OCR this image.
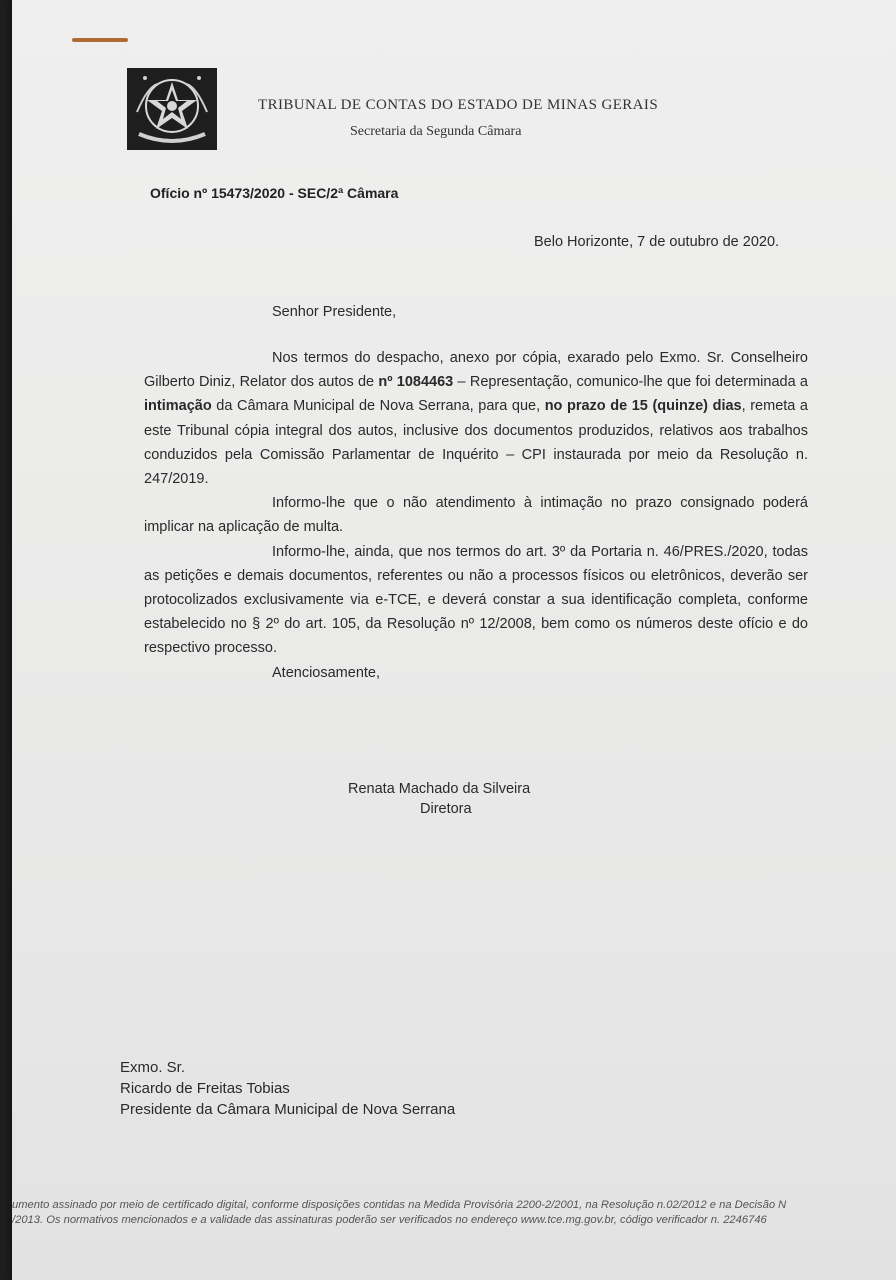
TRIBUNAL DE CONTAS DO ESTADO DE MINAS GERAIS
Secretaria da Segunda Câmara
Ofício nº 15473/2020 - SEC/2ª Câmara
Belo Horizonte, 7 de outubro de 2020.
Senhor Presidente,

Nos termos do despacho, anexo por cópia, exarado pelo Exmo. Sr. Conselheiro Gilberto Diniz, Relator dos autos de nº 1084463 – Representação, comunico-lhe que foi determinada a intimação da Câmara Municipal de Nova Serrana, para que, no prazo de 15 (quinze) dias, remeta a este Tribunal cópia integral dos autos, inclusive dos documentos produzidos, relativos aos trabalhos conduzidos pela Comissão Parlamentar de Inquérito – CPI instaurada por meio da Resolução n. 247/2019.

Informo-lhe que o não atendimento à intimação no prazo consignado poderá implicar na aplicação de multa.

Informo-lhe, ainda, que nos termos do art. 3º da Portaria n. 46/PRES./2020, todas as petições e demais documentos, referentes ou não a processos físicos ou eletrônicos, deverão ser protocolizados exclusivamente via e-TCE, e deverá constar a sua identificação completa, conforme estabelecido no § 2º do art. 105, da Resolução nº 12/2008, bem como os números deste ofício e do respectivo processo.

Atenciosamente,

Renata Machado da Silveira
Diretora
Exmo. Sr.
Ricardo de Freitas Tobias
Presidente da Câmara Municipal de Nova Serrana
umento assinado por meio de certificado digital, conforme disposições contidas na Medida Provisória 2200-2/2001, na Resolução n.02/2012 e na Decisão N
/2013. Os normativos mencionados e a validade das assinaturas poderão ser verificados no endereço www.tce.mg.gov.br, código verificador n. 2246746
